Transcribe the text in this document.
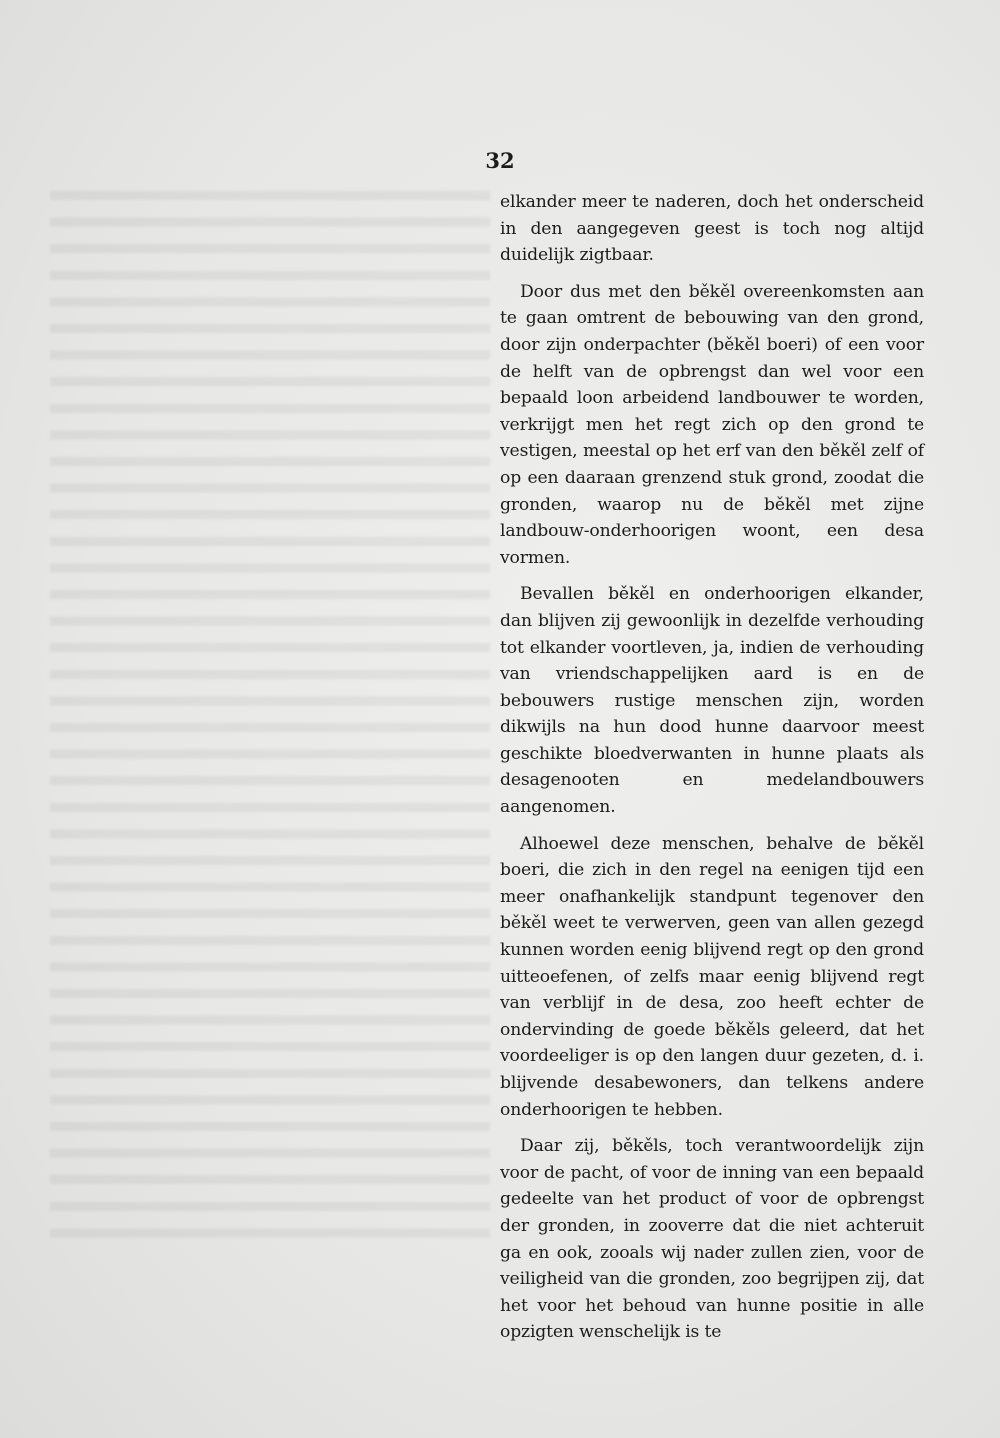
32

elkander meer te naderen, doch het onderscheid in den aangegeven geest is toch nog altijd duidelijk zigtbaar.

Door dus met den běkěl overeenkomsten aan te gaan omtrent de bebouwing van den grond, door zijn onderpachter (běkěl boeri) of een voor de helft van de opbrengst dan wel voor een bepaald loon arbeidend landbouwer te worden, verkrijgt men het regt zich op den grond te vestigen, meestal op het erf van den běkěl zelf of op een daaraan grenzend stuk grond, zoodat die gronden, waarop nu de běkěl met zijne landbouw-onderhoorigen woont, een desa vormen.

Bevallen běkěl en onderhoorigen elkander, dan blijven zij gewoonlijk in dezelfde verhouding tot elkander voortleven, ja, indien de verhouding van vriendschappelijken aard is en de bebouwers rustige menschen zijn, worden dikwijls na hun dood hunne daarvoor meest geschikte bloedverwanten in hunne plaats als desagenooten en medelandbouwers aangenomen.

Alhoewel deze menschen, behalve de běkěl boeri, die zich in den regel na eenigen tijd een meer onafhankelijk standpunt tegenover den běkěl weet te verwerven, geen van allen gezegd kunnen worden eenig blijvend regt op den grond uitteoefenen, of zelfs maar eenig blijvend regt van verblijf in de desa, zoo heeft echter de ondervinding de goede běkěls geleerd, dat het voordeeliger is op den langen duur gezeten, d. i. blijvende desabewoners, dan telkens andere onderhoorigen te hebben.

Daar zij, běkěls, toch verantwoordelijk zijn voor de pacht, of voor de inning van een bepaald gedeelte van het product of voor de opbrengst der gronden, in zooverre dat die niet achteruit ga en ook, zooals wij nader zullen zien, voor de veiligheid van die gronden, zoo begrijpen zij, dat het voor het behoud van hunne positie in alle opzigten wenschelijk is te
